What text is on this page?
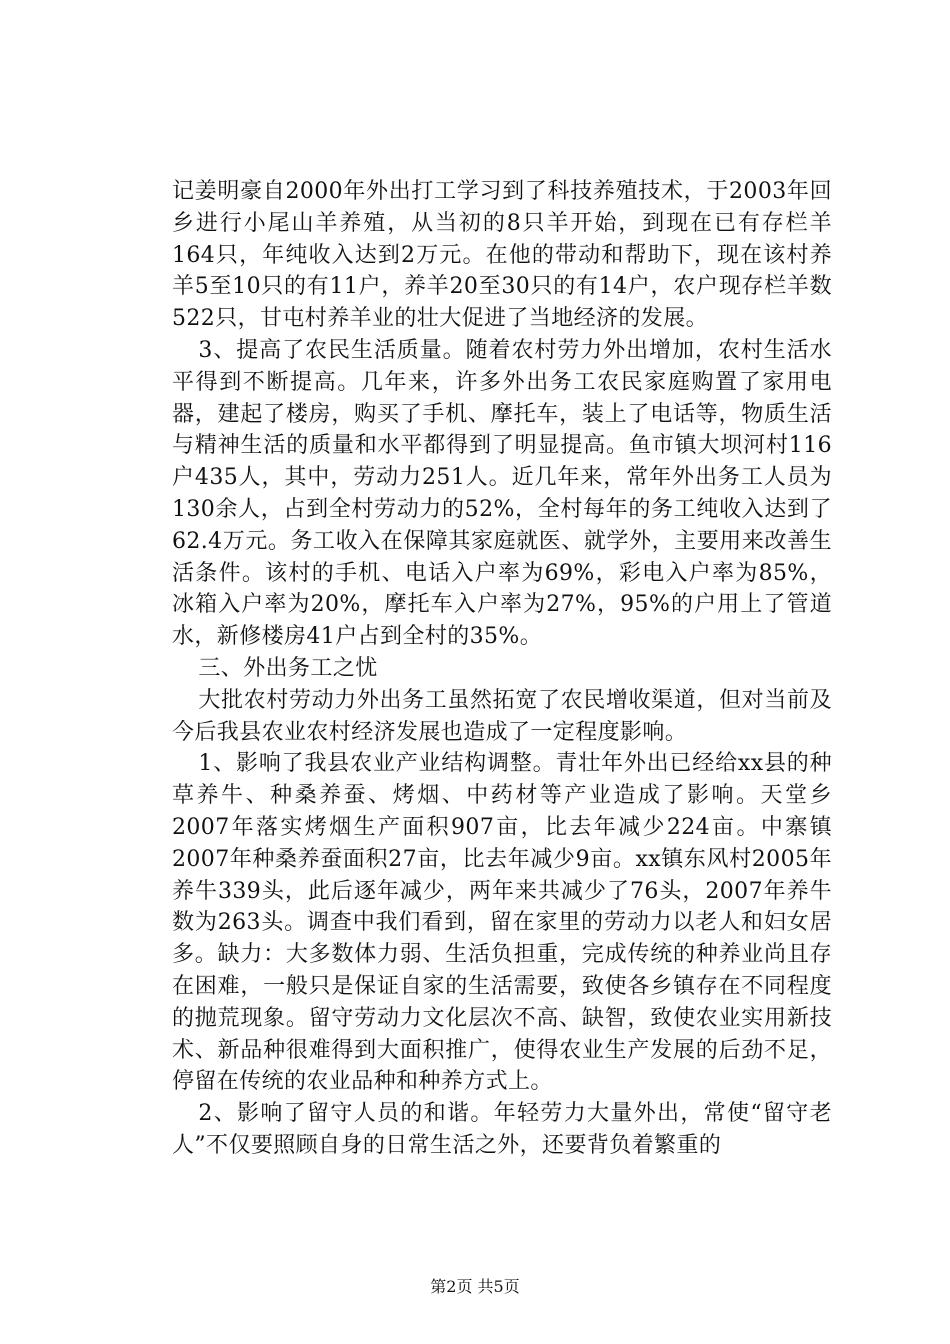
记姜明豪自2000年外出打工学习到了科技养殖技术，于2003年回乡进行小尾山羊养殖，从当初的8只羊开始，到现在已有存栏羊164只，年纯收入达到2万元。在他的带动和帮助下，现在该村养羊5至10只的有11户，养羊20至30只的有14户，农户现存栏羊数522只，甘屯村养羊业的壮大促进了当地经济的发展。

3、提高了农民生活质量。随着农村劳力外出增加，农村生活水平得到不断提高。几年来，许多外出务工农民家庭购置了家用电器，建起了楼房，购买了手机、摩托车，装上了电话等，物质生活与精神生活的质量和水平都得到了明显提高。鱼市镇大坝河村116户435人，其中，劳动力251人。近几年来，常年外出务工人员为130余人，占到全村劳动力的52%，全村每年的务工纯收入达到了62.4万元。务工收入在保障其家庭就医、就学外，主要用来改善生活条件。该村的手机、电话入户率为69%，彩电入户率为85%，冰箱入户率为20%，摩托车入户率为27%，95%的户用上了管道水，新修楼房41户占到全村的35%。

三、外出务工之忧

大批农村劳动力外出务工虽然拓宽了农民增收渠道，但对当前及今后我县农业农村经济发展也造成了一定程度影响。

1、影响了我县农业产业结构调整。青壮年外出已经给xx县的种草养牛、种桑养蚕、烤烟、中药材等产业造成了影响。天堂乡2007年落实烤烟生产面积907亩，比去年减少224亩。中寨镇2007年种桑养蚕面积27亩，比去年减少9亩。xx镇东风村2005年养牛339头，此后逐年减少，两年来共减少了76头，2007年养牛数为263头。调查中我们看到，留在家里的劳动力以老人和妇女居多。缺力：大多数体力弱、生活负担重，完成传统的种养业尚且存在困难，一般只是保证自家的生活需要，致使各乡镇存在不同程度的抛荒现象。留守劳动力文化层次不高、缺智，致使农业实用新技术、新品种很难得到大面积推广，使得农业生产发展的后劲不足，停留在传统的农业品种和种养方式上。

2、影响了留守人员的和谐。年轻劳力大量外出，常使“留守老人”不仅要照顾自身的日常生活之外，还要背负着繁重的

第2页 共5页
